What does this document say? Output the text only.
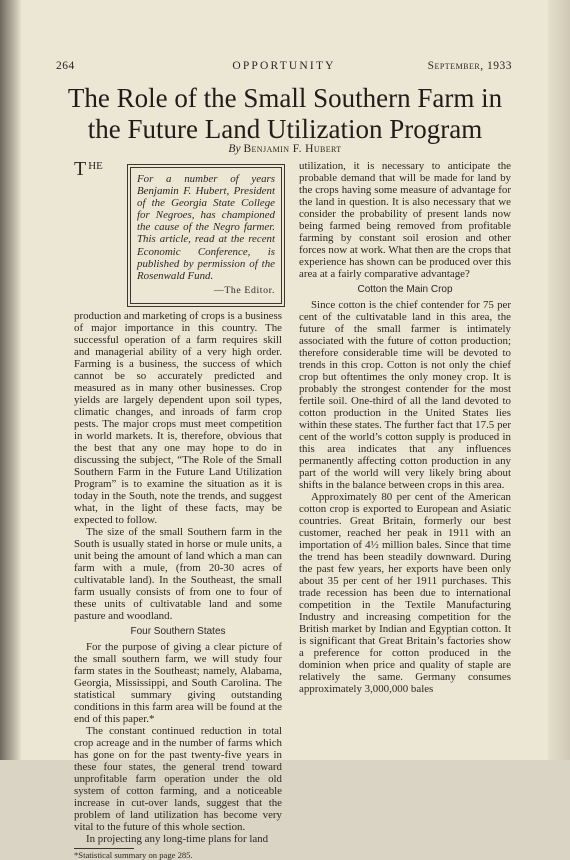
264	OPPORTUNITY	September, 1933
The Role of the Small Southern Farm in the Future Land Utilization Program
By Benjamin F. Hubert
For a number of years Benjamin F. Hubert, President of the Georgia State College for Negroes, has championed the cause of the Negro farmer. This article, read at the recent Economic Conference, is published by permission of the Rosenwald Fund.
—The Editor.

THE production and marketing of crops is a business of major importance in this country. The successful operation of a farm requires skill and managerial ability of a very high order. Farming is a business, the success of which cannot be so accurately predicted and measured as in many other businesses. Crop yields are largely dependent upon soil types, climatic changes, and inroads of farm crop pests. The major crops must meet competition in world markets. It is, therefore, obvious that the best that any one may hope to do in discussing the subject, “The Role of the Small Southern Farm in the Future Land Utilization Program” is to examine the situation as it is today in the South, note the trends, and suggest what, in the light of these facts, may be expected to follow.

The size of the small Southern farm in the South is usually stated in horse or mule units, a unit being the amount of land which a man can farm with a mule, (from 20-30 acres of cultivatable land). In the Southeast, the small farm usually consists of from one to four of these units of cultivatable land and some pasture and woodland.

Four Southern States

For the purpose of giving a clear picture of the small southern farm, we will study four farm states in the Southeast; namely, Alabama, Georgia, Mississippi, and South Carolina. The statistical summary giving outstanding conditions in this farm area will be found at the end of this paper.*

The constant continued reduction in total crop acreage and in the number of farms which has gone on for the past twenty-five years in these four states, the general trend toward unprofitable farm operation under the old system of cotton farming, and a noticeable increase in cut-over lands, suggest that the problem of land utilization has become very vital to the future of this whole section.

In projecting any long-time plans for land

*Statistical summary on page 285.

utilization, it is necessary to anticipate the probable demand that will be made for land by the crops having some measure of advantage for the land in question. It is also necessary that we consider the probability of present lands now being farmed being removed from profitable farming by constant soil erosion and other forces now at work. What then are the crops that experience has shown can be produced over this area at a fairly comparative advantage?

Cotton the Main Crop

Since cotton is the chief contender for 75 per cent of the cultivatable land in this area, the future of the small farmer is intimately associated with the future of cotton production; therefore considerable time will be devoted to trends in this crop. Cotton is not only the chief crop but oftentimes the only money crop. It is probably the strongest contender for the most fertile soil. One-third of all the land devoted to cotton production in the United States lies within these states. The further fact that 17.5 per cent of the world’s cotton supply is produced in this area indicates that any influences permanently affecting cotton production in any part of the world will very likely bring about shifts in the balance between crops in this area.

Approximately 80 per cent of the American cotton crop is exported to European and Asiatic countries. Great Britain, formerly our best customer, reached her peak in 1911 with an importation of 4½ million bales. Since that time the trend has been steadily downward. During the past few years, her exports have been only about 35 per cent of her 1911 purchases. This trade recession has been due to international competition in the Textile Manufacturing Industry and increasing competition for the British market by Indian and Egyptian cotton. It is significant that Great Britain’s factories show a preference for cotton produced in the dominion when price and quality of staple are relatively the same. Germany consumes approximately 3,000,000 bales
